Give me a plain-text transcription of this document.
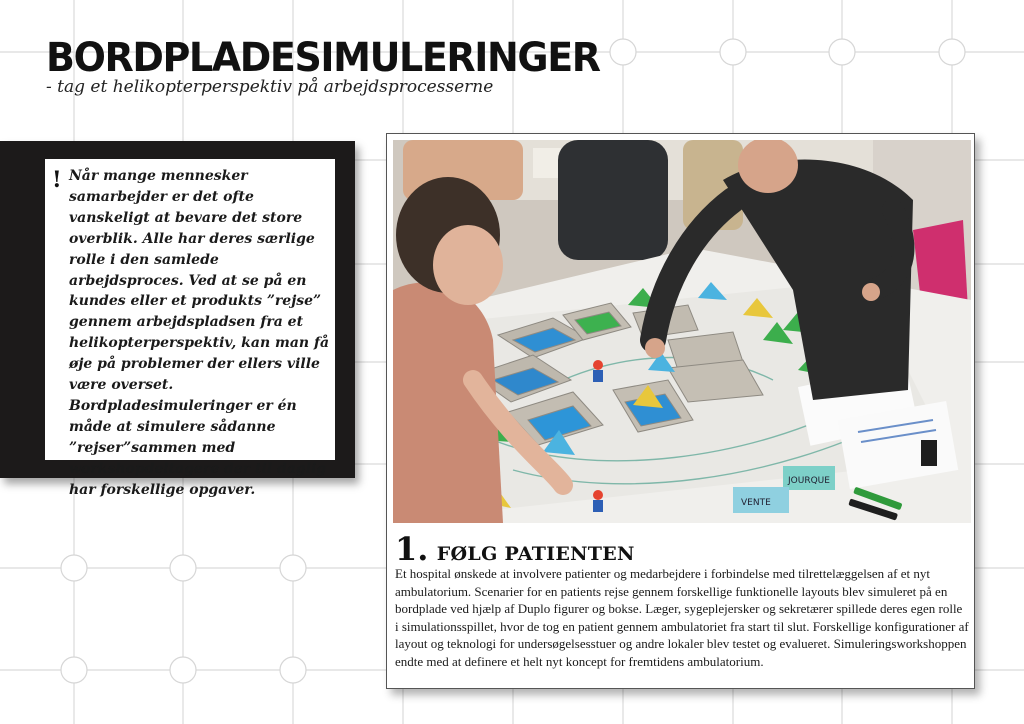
BORDPLADESIMULERINGER

- tag et helikopterperspektiv på arbejdsprocesserne

! Når mange mennesker samarbejder er det ofte vanskeligt at bevare det store overblik. Alle har deres særlige rolle i den samlede arbejdsproces. Ved at se på en kundes eller et produkts ”rejse” gennem arbejdspladsen fra et helikopterperspektiv, kan man få øje på problemer der ellers ville være overset. Bordpladesimuleringer er én måde at simulere sådanne ”rejser”sammen med workshopdeltagere der til daglig har forskellige opgaver.

JOURQUE
VENTE
1. FØLG PATIENTEN

Et hospital ønskede at involvere patienter og medarbejdere i forbindelse med tilrettelæggelsen af et nyt ambulatorium. Scenarier for en patients rejse gennem forskellige funktionelle layouts blev simuleret på en bordplade ved hjælp af Duplo figurer og bokse. Læger, sygeplejersker og sekretærer spillede deres egen rolle i simulationsspillet, hvor de tog en patient gennem ambulatoriet fra start til slut. Forskellige konfigurationer af layout og teknologi for undersøgelsesstuer og andre lokaler blev testet og evalueret. Simuleringsworkshoppen endte med at definere et helt nyt koncept for fremtidens ambulatorium.
